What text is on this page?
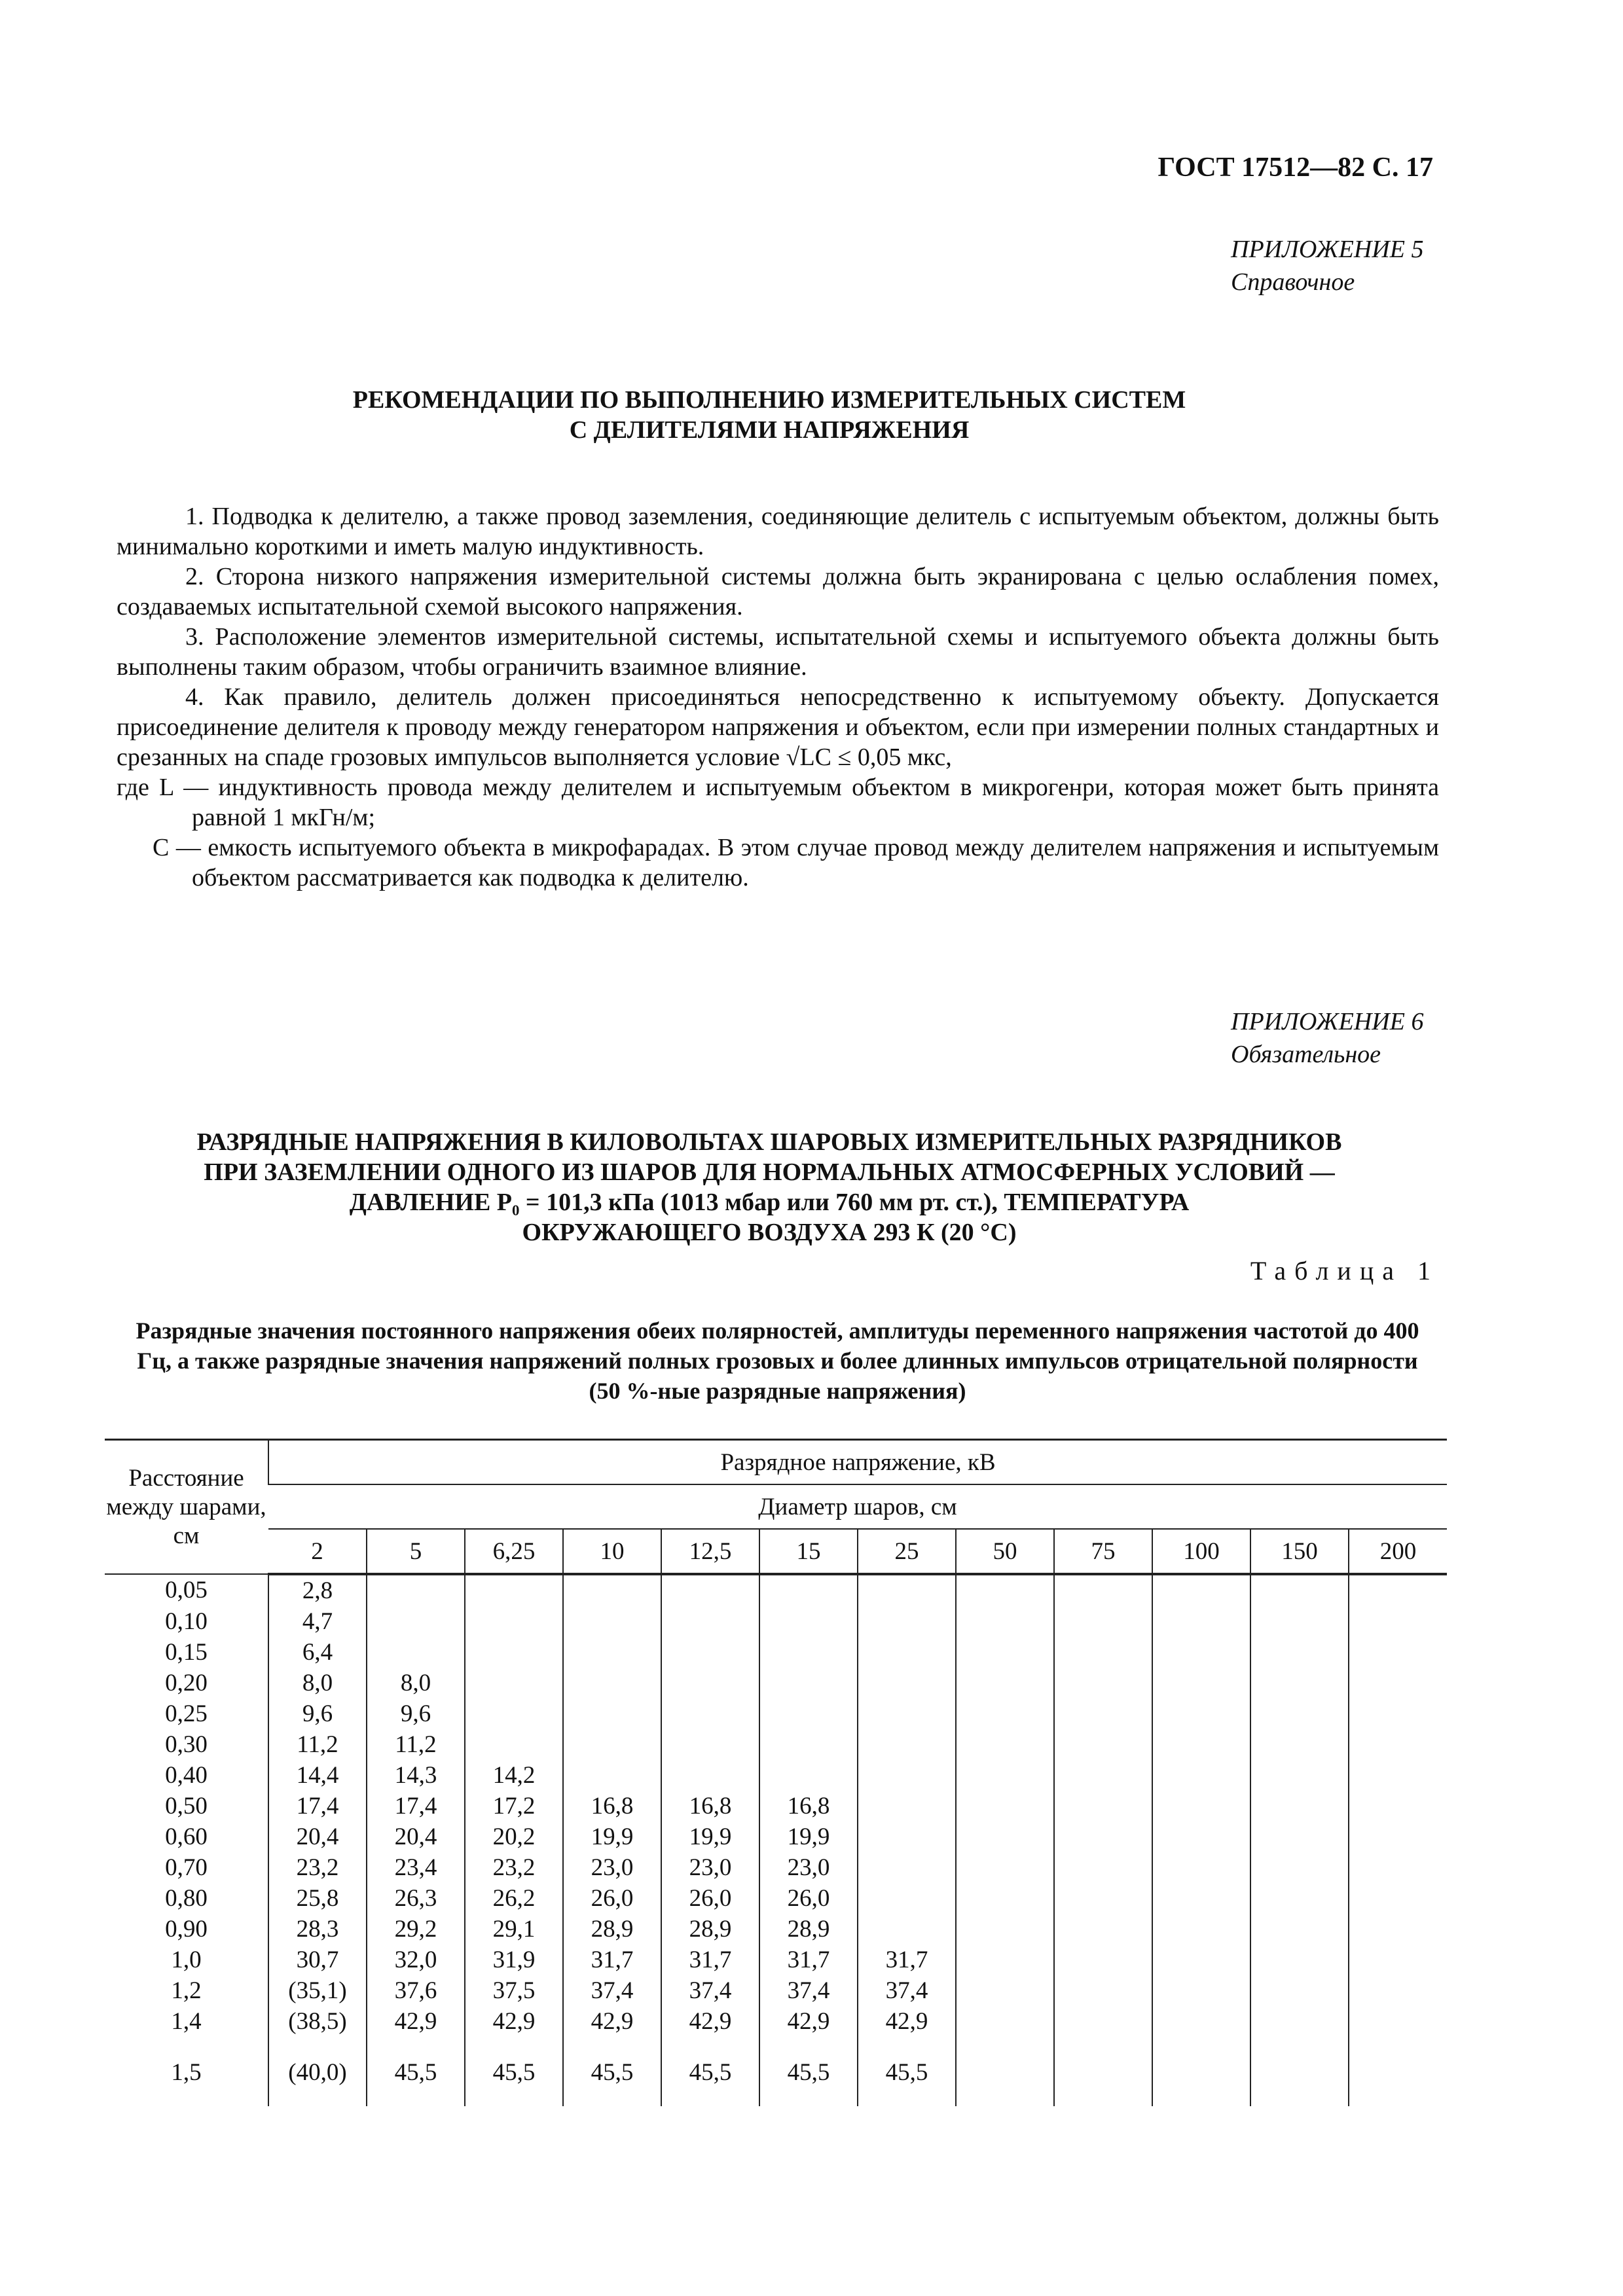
ГОСТ 17512—82 С. 17
ПРИЛОЖЕНИЕ 5
Справочное
РЕКОМЕНДАЦИИ ПО ВЫПОЛНЕНИЮ ИЗМЕРИТЕЛЬНЫХ СИСТЕМ
С ДЕЛИТЕЛЯМИ НАПРЯЖЕНИЯ

1. Подводка к делителю, а также провод заземления, соединяющие делитель с испытуемым объектом, должны быть минимально короткими и иметь малую индуктивность.

2. Сторона низкого напряжения измерительной системы должна быть экранирована с целью ослабления помех, создаваемых испытательной схемой высокого напряжения.

3. Расположение элементов измерительной системы, испытательной схемы и испытуемого объекта должны быть выполнены таким образом, чтобы ограничить взаимное влияние.

4. Как правило, делитель должен присоединяться непосредственно к испытуемому объекту. Допускается присоединение делителя к проводу между генератором напряжения и объектом, если при измерении полных стандартных и срезанных на спаде грозовых импульсов выполняется условие √LC ≤ 0,05 мкс,

где L — индуктивность провода между делителем и испытуемым объектом в микрогенри, которая может быть принята равной 1 мкГн/м;

C — емкость испытуемого объекта в микрофарадах. В этом случае провод между делителем напряжения и испытуемым объектом рассматривается как подводка к делителю.

ПРИЛОЖЕНИЕ 6
Обязательное
РАЗРЯДНЫЕ НАПРЯЖЕНИЯ В КИЛОВОЛЬТАХ ШАРОВЫХ ИЗМЕРИТЕЛЬНЫХ РАЗРЯДНИКОВ
ПРИ ЗАЗЕМЛЕНИИ ОДНОГО ИЗ ШАРОВ ДЛЯ НОРМАЛЬНЫХ АТМОСФЕРНЫХ УСЛОВИЙ —
ДАВЛЕНИЕ P₀ = 101,3 кПа (1013 мбар или 760 мм рт. ст.), ТЕМПЕРАТУРА
ОКРУЖАЮЩЕГО ВОЗДУХА 293 К (20 °С)
Таблица 1
Разрядные значения постоянного напряжения обеих полярностей, амплитуды переменного напряжения частотой до 400 Гц, а также разрядные значения напряжений полных грозовых и более длинных импульсов отрицательной полярности (50 %-ные разрядные напряжения)
Расстояние между шарами, см	Разрядное напряжение, кВ											
	Диаметр шаров, см											
	2	5	6,25	10	12,5	15	25	50	75	100	150	200
0,05	2,8											
0,10	4,7											
0,15	6,4											
0,20	8,0	8,0										
0,25	9,6	9,6										
0,30	11,2	11,2										
0,40	14,4	14,3	14,2									
0,50	17,4	17,4	17,2	16,8	16,8	16,8						
0,60	20,4	20,4	20,2	19,9	19,9	19,9						
0,70	23,2	23,4	23,2	23,0	23,0	23,0						
0,80	25,8	26,3	26,2	26,0	26,0	26,0						
0,90	28,3	29,2	29,1	28,9	28,9	28,9						
1,0	30,7	32,0	31,9	31,7	31,7	31,7	31,7					
1,2	(35,1)	37,6	37,5	37,4	37,4	37,4	37,4					
1,4	(38,5)	42,9	42,9	42,9	42,9	42,9	42,9					
1,5	(40,0)	45,5	45,5	45,5	45,5	45,5	45,5					
